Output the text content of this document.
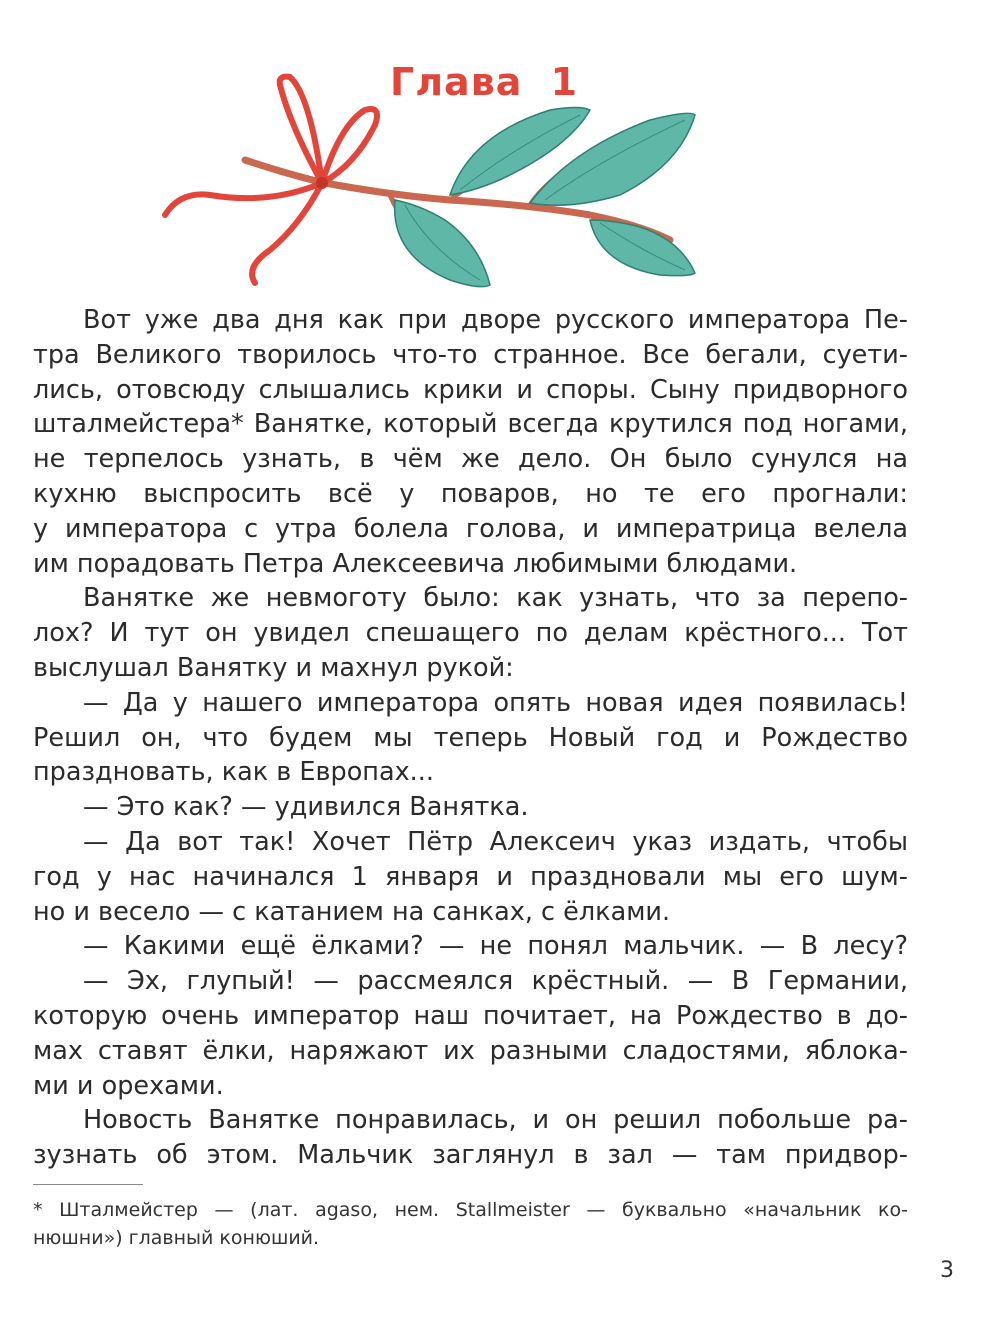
Глава 1
Вот уже два дня как при дворе русского императора Пе-
тра Великого творилось что-то странное. Все бегали, суети-
лись, отовсюду слышались крики и споры. Сыну придворного
шталмейстера* Ванятке, который всегда крутился под ногами,
не терпелось узнать, в чём же дело. Он было сунулся на
кухню выспросить всё у поваров, но те его прогнали:
у императора с утра болела голова, и императрица велела
им порадовать Петра Алексеевича любимыми блюдами.
Ванятке же невмоготу было: как узнать, что за перепо-
лох? И тут он увидел спешащего по делам крёстного... Тот
выслушал Ванятку и махнул рукой:
— Да у нашего императора опять новая идея появилась!
Решил он, что будем мы теперь Новый год и Рождество
праздновать, как в Европах...
— Это как? — удивился Ванятка.
— Да вот так! Хочет Пётр Алексеич указ издать, чтобы
год у нас начинался 1 января и праздновали мы его шум-
но и весело — с катанием на санках, с ёлками.
— Какими ещё ёлками? — не понял мальчик. — В лесу?
— Эх, глупый! — рассмеялся крёстный. — В Германии,
которую очень император наш почитает, на Рождество в до-
мах ставят ёлки, наряжают их разными сладостями, яблока-
ми и орехами.
Новость Ванятке понравилась, и он решил побольше ра-
зузнать об этом. Мальчик заглянул в зал — там придвор-
* Шталмейстер — (лат. agaso, нем. Stallmeister — буквально «начальник ко-
нюшни») главный конюший.
3
